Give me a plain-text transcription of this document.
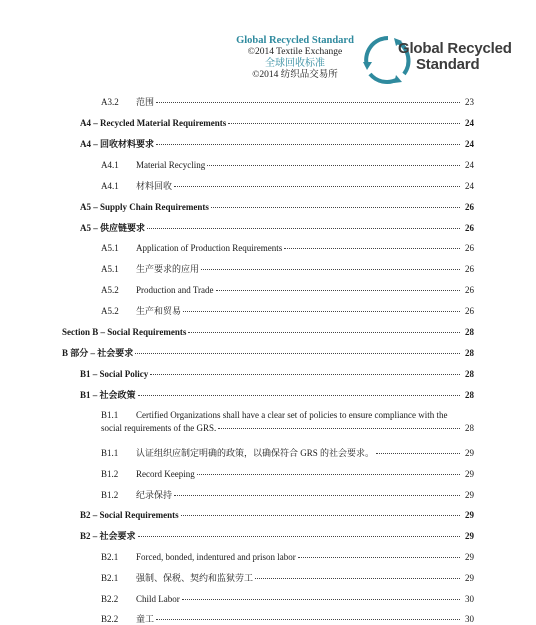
Global Recycled Standard
©2014 Textile Exchange
全球回收标准
©2014 纺织品交易所
Global Recycled
Standard
A3.2	范围	23
A4 – Recycled Material Requirements	24
A4 – 回收材料要求	24
A4.1	Material Recycling	24
A4.1	材料回收	24
A5 – Supply Chain Requirements	26
A5 – 供应链要求	26
A5.1	Application of Production Requirements	26
A5.1	生产要求的应用	26
A5.2	Production and Trade	26
A5.2	生产和贸易	26
Section B – Social Requirements	28
B 部分 – 社会要求	28
B1 – Social Policy	28
B1 – 社会政策	28
B1.1 Certified Organizations shall have a clear set of policies to ensure compliance with the
social requirements of the GRS.	28
B1.1	认证组织应制定明确的政策，以确保符合 GRS 的社会要求。	29
B1.2	Record Keeping	29
B1.2	纪录保持	29
B2 – Social Requirements	29
B2 – 社会要求	29
B2.1	Forced, bonded, indentured and prison labor	29
B2.1	强制、保税、契约和监狱劳工	29
B2.2	Child Labor	30
B2.2	童工	30
